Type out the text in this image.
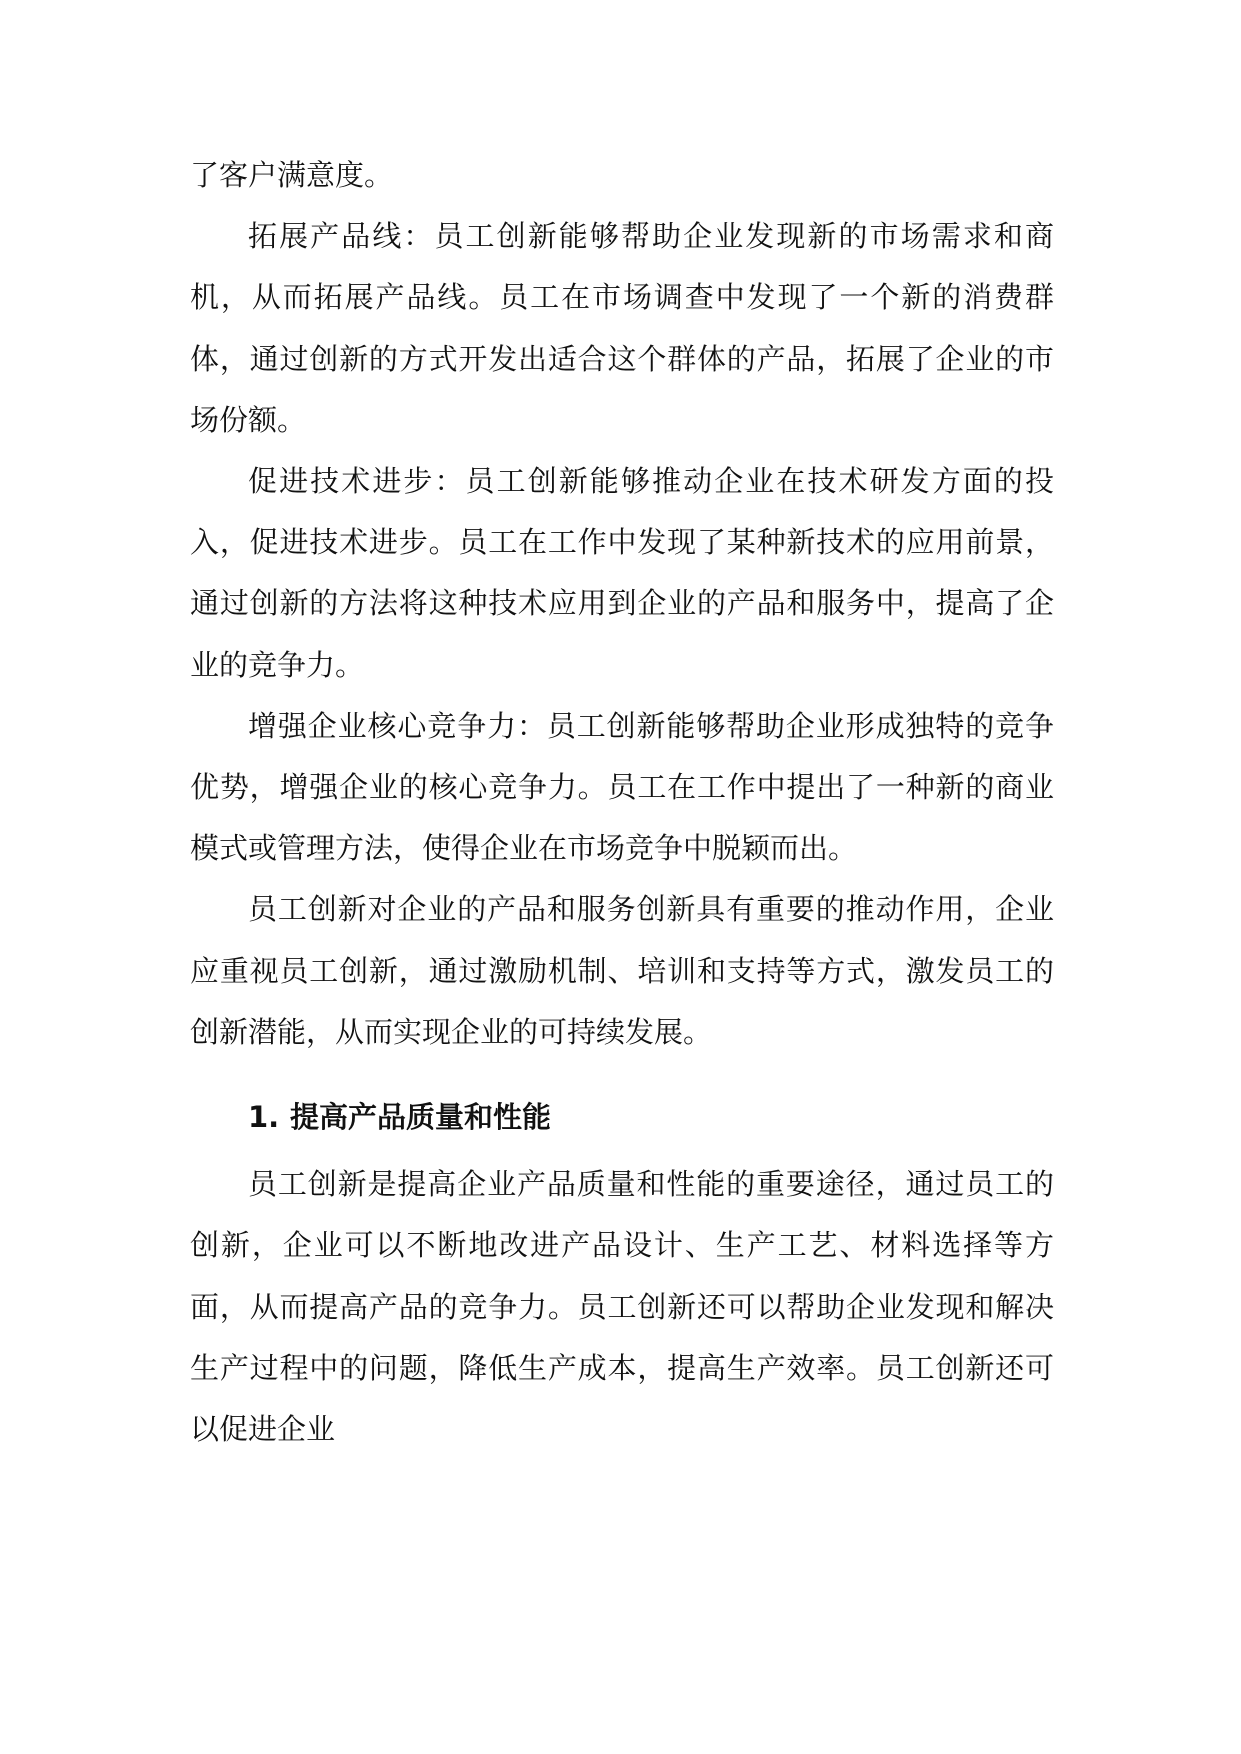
了客户满意度。

拓展产品线：员工创新能够帮助企业发现新的市场需求和商机，从而拓展产品线。员工在市场调查中发现了一个新的消费群体，通过创新的方式开发出适合这个群体的产品，拓展了企业的市场份额。

促进技术进步：员工创新能够推动企业在技术研发方面的投入，促进技术进步。员工在工作中发现了某种新技术的应用前景，通过创新的方法将这种技术应用到企业的产品和服务中，提高了企业的竞争力。

增强企业核心竞争力：员工创新能够帮助企业形成独特的竞争优势，增强企业的核心竞争力。员工在工作中提出了一种新的商业模式或管理方法，使得企业在市场竞争中脱颖而出。

员工创新对企业的产品和服务创新具有重要的推动作用，企业应重视员工创新，通过激励机制、培训和支持等方式，激发员工的创新潜能，从而实现企业的可持续发展。

1. 提高产品质量和性能

员工创新是提高企业产品质量和性能的重要途径，通过员工的创新，企业可以不断地改进产品设计、生产工艺、材料选择等方面，从而提高产品的竞争力。员工创新还可以帮助企业发现和解决生产过程中的问题，降低生产成本，提高生产效率。员工创新还可以促进企业
